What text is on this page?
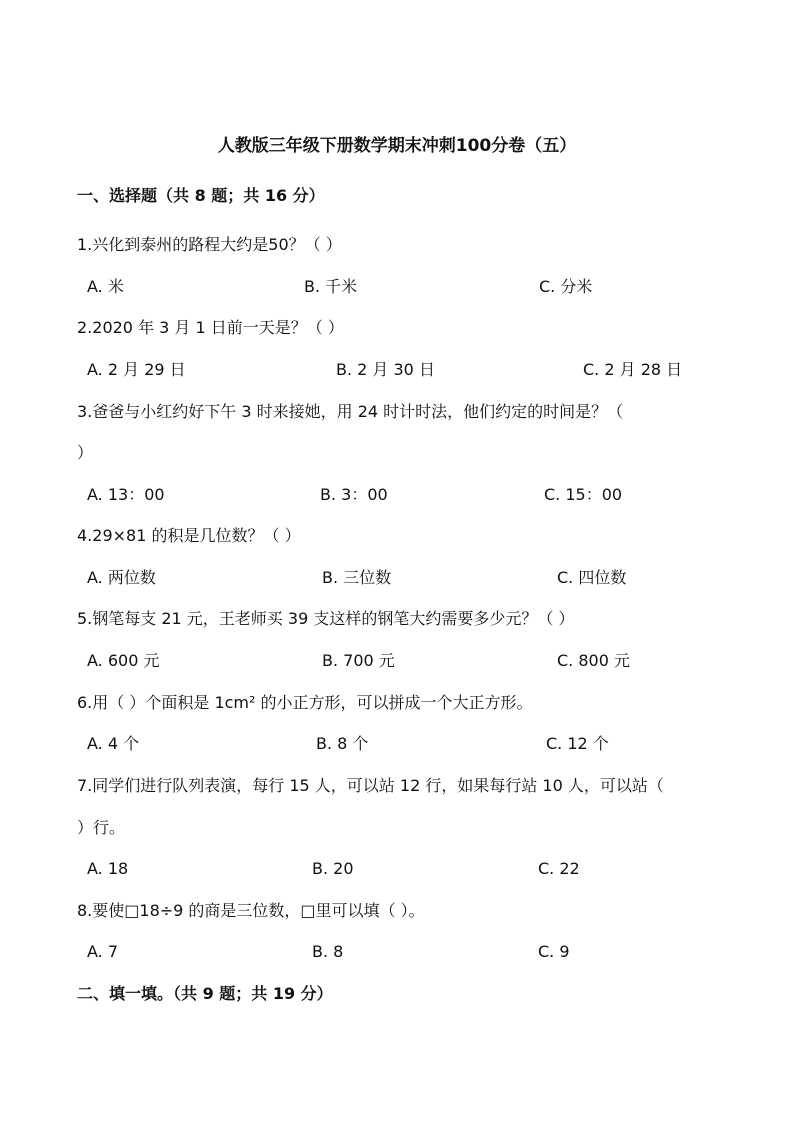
人教版三年级下册数学期末冲刺100分卷（五）
一、选择题（共 8 题；共 16 分）
1.兴化到泰州的路程大约是50？（ ）
A. 米	B. 千米	C. 分米
2.2020 年 3 月 1 日前一天是？（ ）
A. 2 月 29 日	B. 2 月 30 日	C. 2 月 28 日
3.爸爸与小红约好下午 3 时来接她，用 24 时计时法，他们约定的时间是？（
）
A. 13：00	B. 3：00	C. 15：00
4.29×81 的积是几位数？（ ）
A. 两位数	B. 三位数	C. 四位数
5.钢笔每支 21 元，王老师买 39 支这样的钢笔大约需要多少元？（ ）
A. 600 元	B. 700 元	C. 800 元
6.用（ ）个面积是 1cm² 的小正方形，可以拼成一个大正方形。
A. 4 个	B. 8 个	C. 12 个
7.同学们进行队列表演，每行 15 人，可以站 12 行，如果每行站 10 人，可以站（
）行。
A. 18	B. 20	C. 22
8.要使□18÷9 的商是三位数，□里可以填（ ）。
A. 7	B. 8	C. 9
二、填一填。（共 9 题；共 19 分）
